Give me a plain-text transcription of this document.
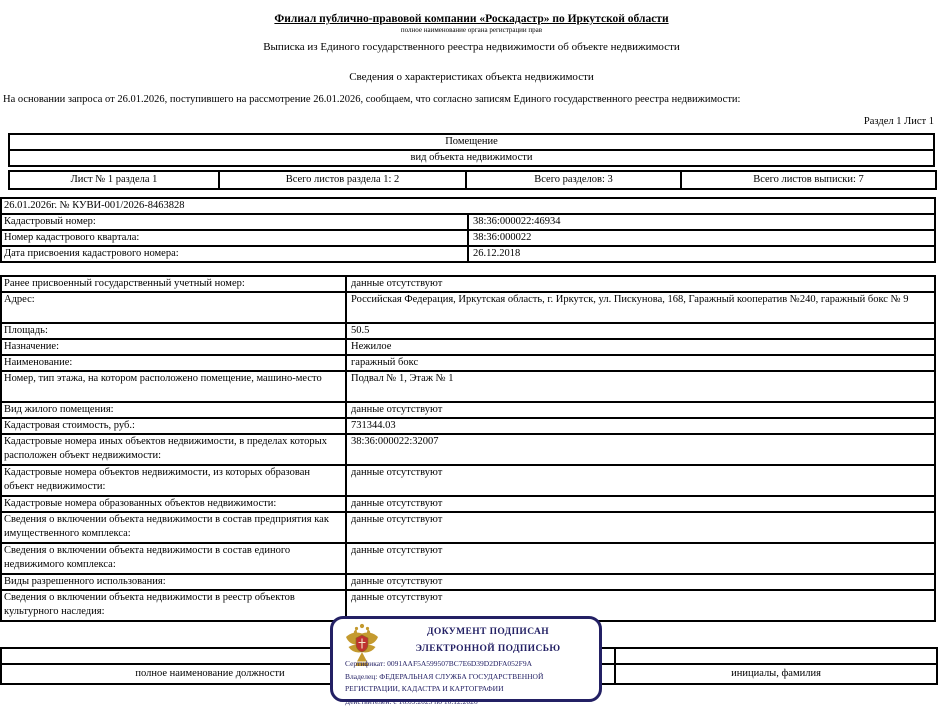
Филиал публично-правовой компании «Роскадастр» по Иркутской области
полное наименование органа регистрации прав
Выписка из Единого государственного реестра недвижимости об объекте недвижимости
Сведения о характеристиках объекта недвижимости
На основании запроса от 26.01.2026, поступившего на рассмотрение 26.01.2026, сообщаем, что согласно записям Единого государственного реестра недвижимости:
Раздел 1 Лист 1
Помещение
вид объекта недвижимости
Лист № 1 раздела 1	Всего листов раздела 1: 2	Всего разделов: 3	Всего листов выписки: 7
26.01.2026г. № КУВИ-001/2026-8463828	
Кадастровый номер:	38:36:000022:46934
Номер кадастрового квартала:	38:36:000022
Дата присвоения кадастрового номера:	26.12.2018
Ранее присвоенный государственный учетный номер:	данные отсутствуют
Адрес:	Российская Федерация, Иркутская область, г. Иркутск, ул. Пискунова, 168, Гаражный кооператив №240, гаражный бокс № 9
Площадь:	50.5
Назначение:	Нежилое
Наименование:	гаражный бокс
Номер, тип этажа, на котором расположено помещение, машино-место	Подвал № 1, Этаж № 1
Вид жилого помещения:	данные отсутствуют
Кадастровая стоимость, руб.:	731344.03
Кадастровые номера иных объектов недвижимости, в пределах которых расположен объект недвижимости:	38:36:000022:32007
Кадастровые номера объектов недвижимости, из которых образован объект недвижимости:	данные отсутствуют
Кадастровые номера образованных объектов недвижимости:	данные отсутствуют
Сведения о включении объекта недвижимости в состав предприятия как имущественного комплекса:	данные отсутствуют
Сведения о включении объекта недвижимости в состав единого недвижимого комплекса:	данные отсутствуют
Виды разрешенного использования:	данные отсутствуют
Сведения о включении объекта недвижимости в реестр объектов культурного наследия:	данные отсутствуют

полное наименование должности		инициалы, фамилия
ДОКУМЕНТ ПОДПИСАН
ЭЛЕКТРОННОЙ ПОДПИСЬЮ
Сертификат: 0091AAF5A599507BC7E6D39D2DFA052F9A
Владелец: ФЕДЕРАЛЬНАЯ СЛУЖБА ГОСУДАРСТВЕННОЙ РЕГИСТРАЦИИ, КАДАСТРА И КАРТОГРАФИИ
Действителен: с 16.09.2025 по 10.12.2026
